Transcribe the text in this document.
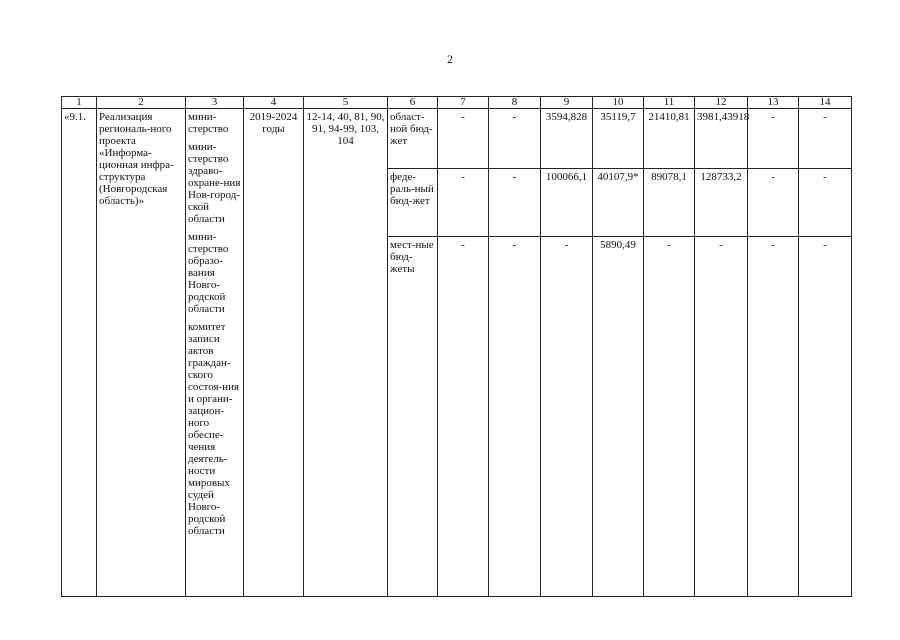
2
1	2	3	4	5	6	7	8	9	10	11	12	13	14
«9.1.	Реализация региональ-ного проекта «Информа-ционная инфра-структура (Новгородская область)»	мини-стерство
мини-стерство здраво-охране-ния Нов-город-ской области
мини-стерство образо-вания Новго-родской области
комитет записи актов граждан-ского состоя-ния и органи-зацион-ного обеспе-чения деятель-ности мировых судей Новго-родской области	2019-2024 годы	12-14, 40, 81, 90, 91, 94-99, 103, 104	област-ной бюд-жет	-	-	3594,828	35119,7	21410,81	3981,43918	-	-
					феде-раль-ный бюд-жет	-	-	100066,1	40107,9*	89078,1	128733,2	-	-
					мест-ные бюд-жеты	-	-	-	5890,49	-	-	-	-
